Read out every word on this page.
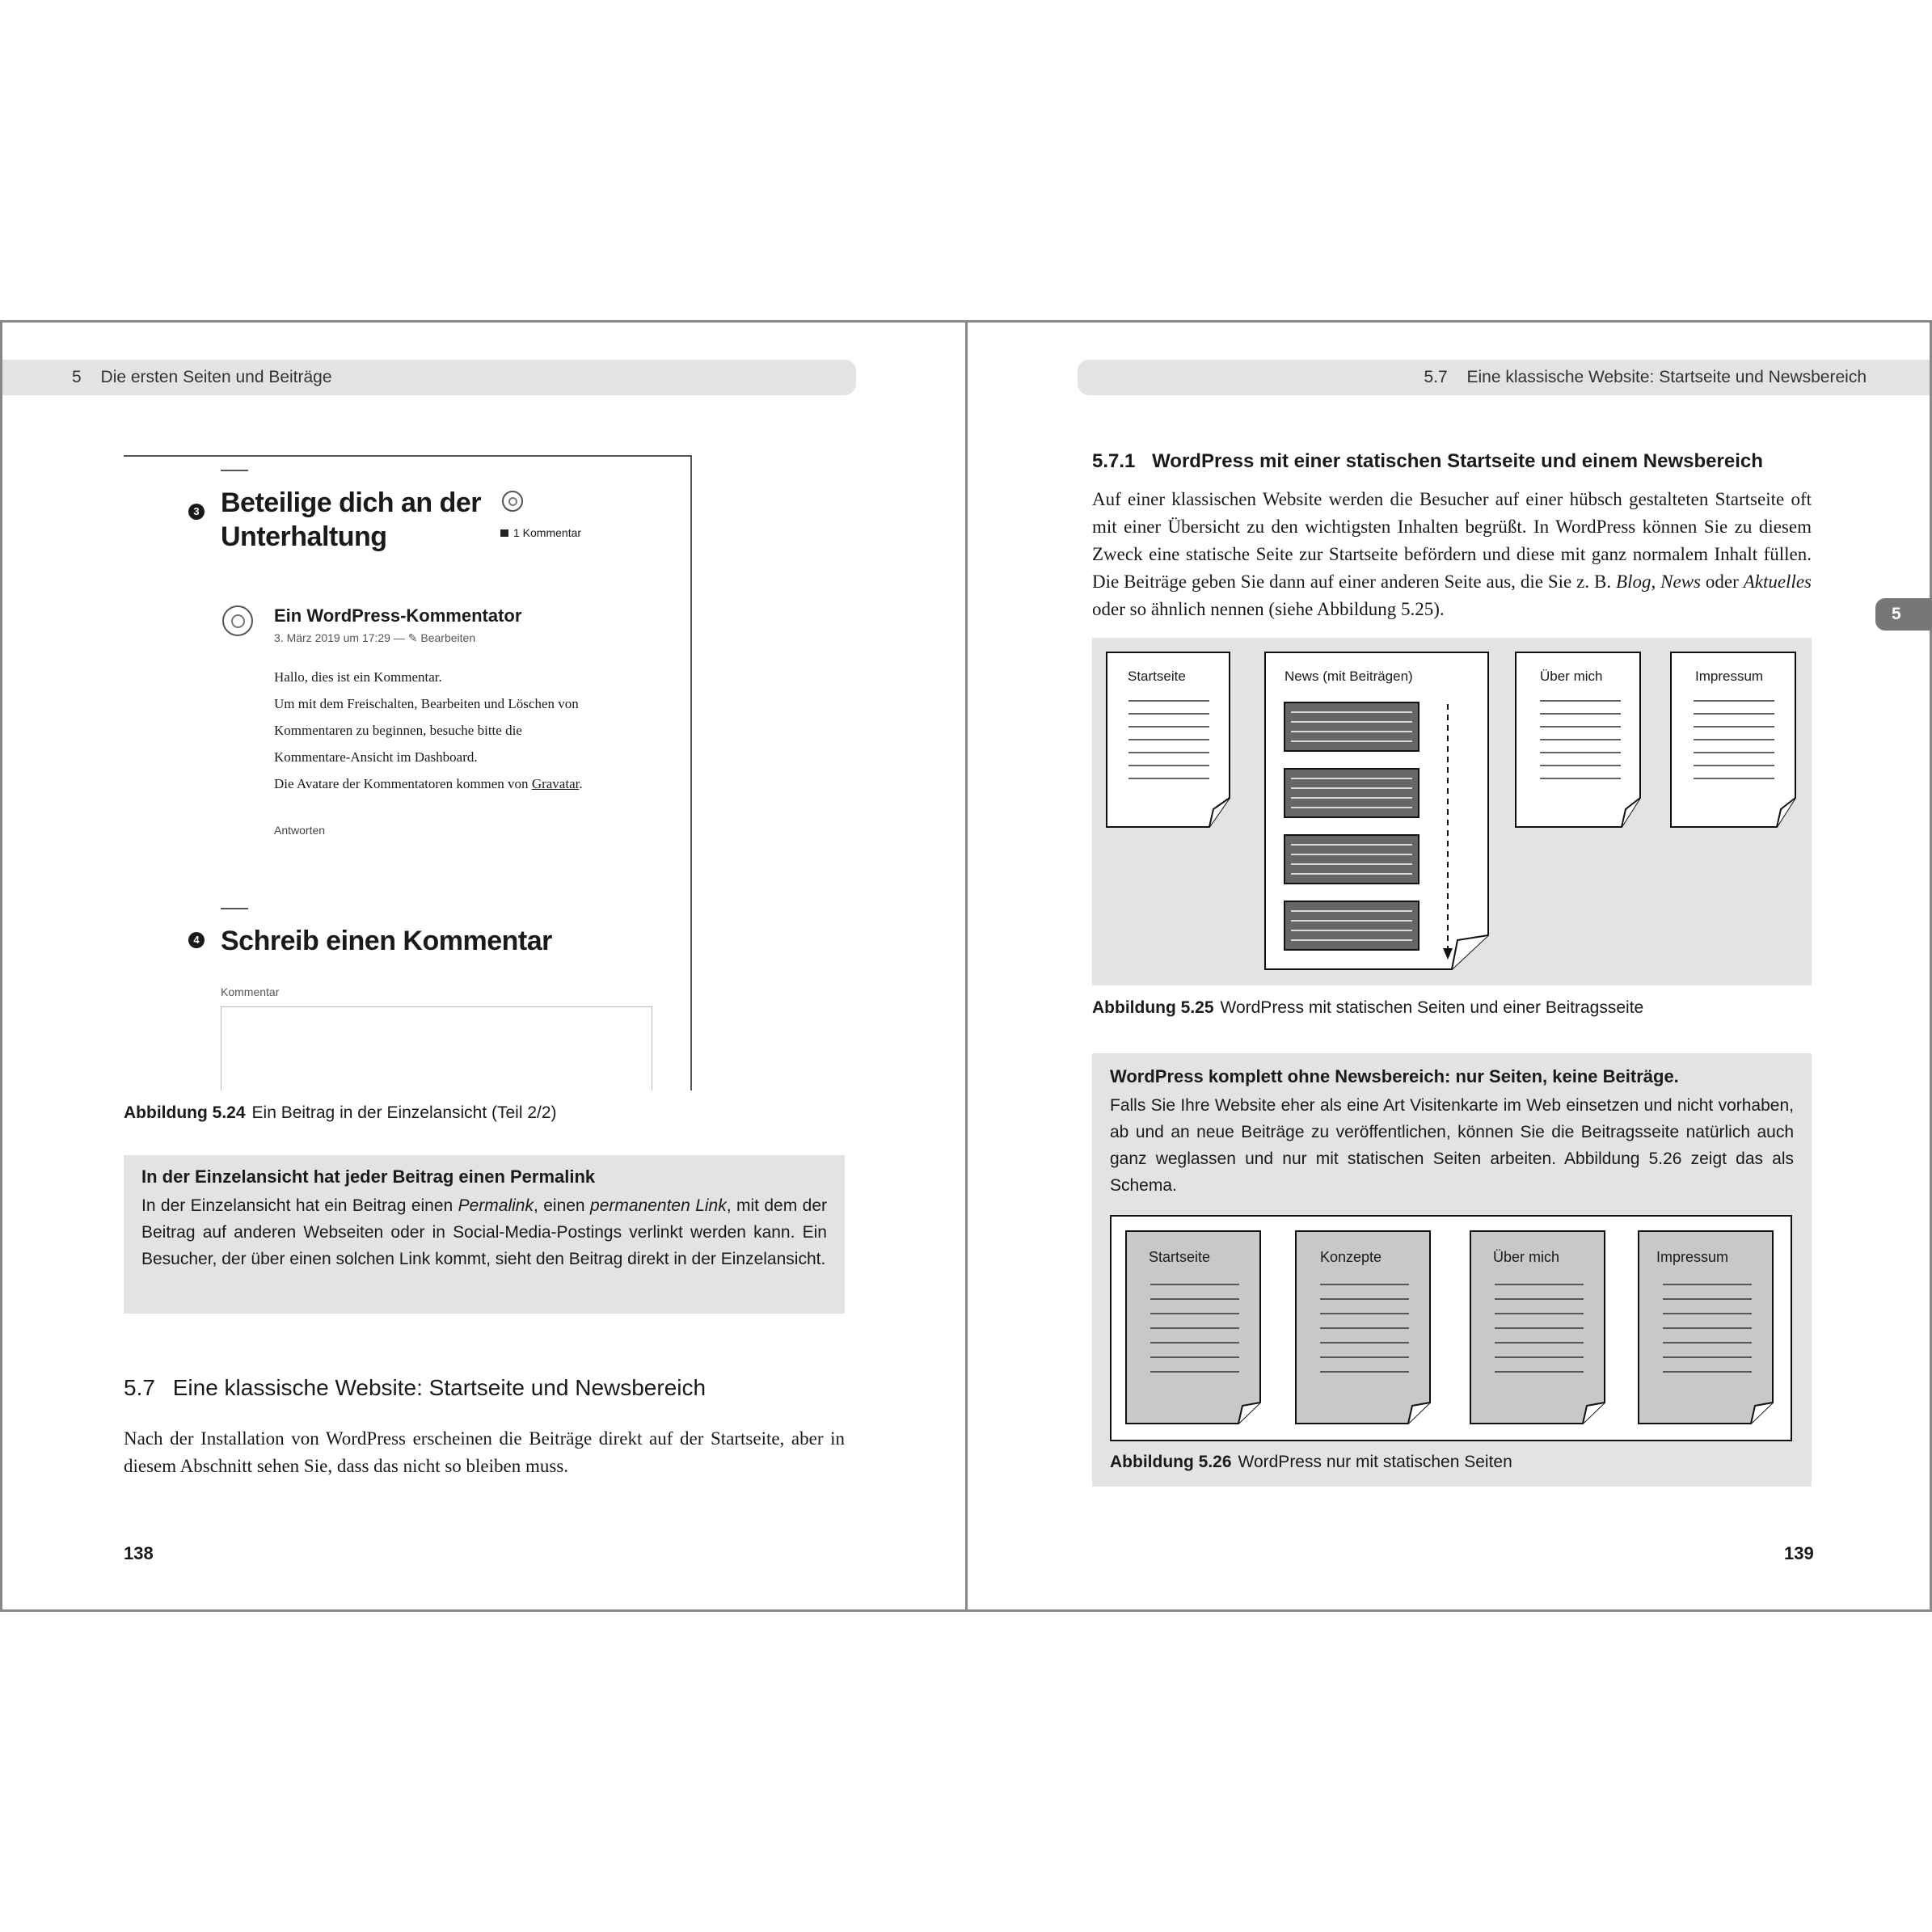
5 Die ersten Seiten und Beiträge
3 Beteilige dich an der Unterhaltung	1 Kommentar
Ein WordPress-Kommentator
3. März 2019 um 17:29 — ✎ Bearbeiten
Hallo, dies ist ein Kommentar.
Um mit dem Freischalten, Bearbeiten und Löschen von
Kommentaren zu beginnen, besuche bitte die
Kommentare-Ansicht im Dashboard.
Die Avatare der Kommentatoren kommen von Gravatar.
Antworten
4 Schreib einen Kommentar
Kommentar
Abbildung 5.24 Ein Beitrag in der Einzelansicht (Teil 2/2)
In der Einzelansicht hat jeder Beitrag einen Permalink

In der Einzelansicht hat ein Beitrag einen Permalink, einen permanenten Link, mit dem der Beitrag auf anderen Webseiten oder in Social-Media-Postings verlinkt werden kann. Ein Besucher, der über einen solchen Link kommt, sieht den Beitrag direkt in der Einzelansicht.

5.7 Eine klassische Website: Startseite und Newsbereich

Nach der Installation von WordPress erscheinen die Beiträge direkt auf der Startseite, aber in diesem Abschnitt sehen Sie, dass das nicht so bleiben muss.

138
5.7 Eine klassische Website: Startseite und Newsbereich
5.7.1 WordPress mit einer statischen Startseite und einem Newsbereich

Auf einer klassischen Website werden die Besucher auf einer hübsch gestalteten Startseite oft mit einer Übersicht zu den wichtigsten Inhalten begrüßt. In WordPress können Sie zu diesem Zweck eine statische Seite zur Startseite befördern und diese mit ganz normalem Inhalt füllen. Die Beiträge geben Sie dann auf einer anderen Seite aus, die Sie z. B. Blog, News oder Aktuelles oder so ähnlich nennen (siehe Abbildung 5.25).

Startseite	News (mit Beiträgen)	Über mich	Impressum
Abbildung 5.25 WordPress mit statischen Seiten und einer Beitragsseite
WordPress komplett ohne Newsbereich: nur Seiten, keine Beiträge.

Falls Sie Ihre Website eher als eine Art Visitenkarte im Web einsetzen und nicht vorhaben, ab und an neue Beiträge zu veröffentlichen, können Sie die Beitragsseite natürlich auch ganz weglassen und nur mit statischen Seiten arbeiten. Abbildung 5.26 zeigt das als Schema.

Startseite	Konzepte	Über mich	Impressum
Abbildung 5.26 WordPress nur mit statischen Seiten
139
5
